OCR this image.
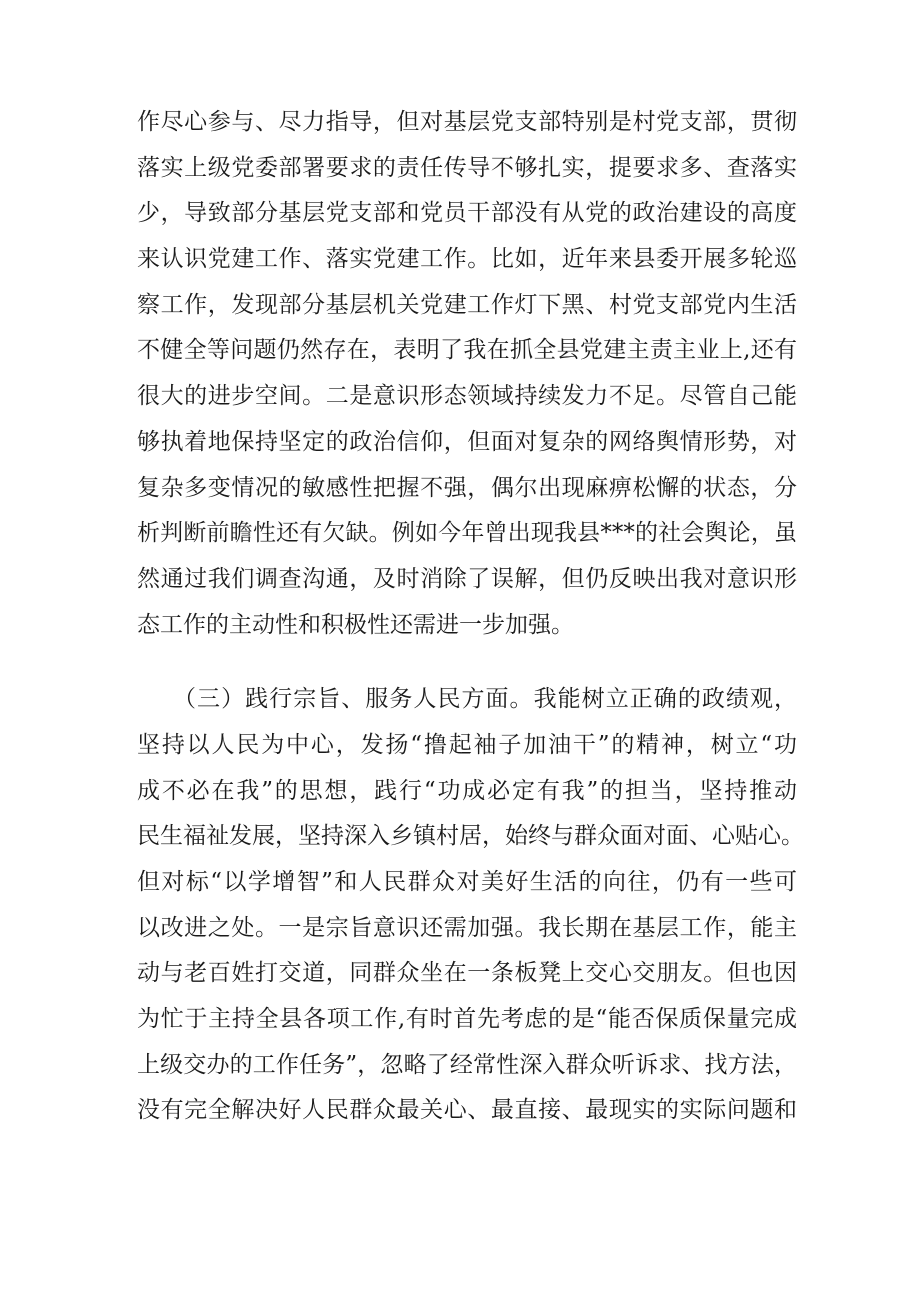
作尽心参与、尽力指导，但对基层党支部特别是村党支部，贯彻
落实上级党委部署要求的责任传导不够扎实，提要求多、查落实
少，导致部分基层党支部和党员干部没有从党的政治建设的高度
来认识党建工作、落实党建工作。比如，近年来县委开展多轮巡
察工作，发现部分基层机关党建工作灯下黑、村党支部党内生活
不健全等问题仍然存在，表明了我在抓全县党建主责主业上,还有
很大的进步空间。二是意识形态领域持续发力不足。尽管自己能
够执着地保持坚定的政治信仰，但面对复杂的网络舆情形势，对
复杂多变情况的敏感性把握不强，偶尔出现麻痹松懈的状态，分
析判断前瞻性还有欠缺。例如今年曾出现我县***的社会舆论，虽
然通过我们调查沟通，及时消除了误解，但仍反映出我对意识形
态工作的主动性和积极性还需进一步加强。
（三）践行宗旨、服务人民方面。我能树立正确的政绩观，
坚持以人民为中心，发扬“撸起袖子加油干”的精神，树立“功
成不必在我”的思想，践行“功成必定有我”的担当，坚持推动
民生福祉发展，坚持深入乡镇村居，始终与群众面对面、心贴心。
但对标“以学增智”和人民群众对美好生活的向往，仍有一些可
以改进之处。一是宗旨意识还需加强。我长期在基层工作，能主
动与老百姓打交道，同群众坐在一条板凳上交心交朋友。但也因
为忙于主持全县各项工作,有时首先考虑的是“能否保质保量完成
上级交办的工作任务”，忽略了经常性深入群众听诉求、找方法，
没有完全解决好人民群众最关心、最直接、最现实的实际问题和
